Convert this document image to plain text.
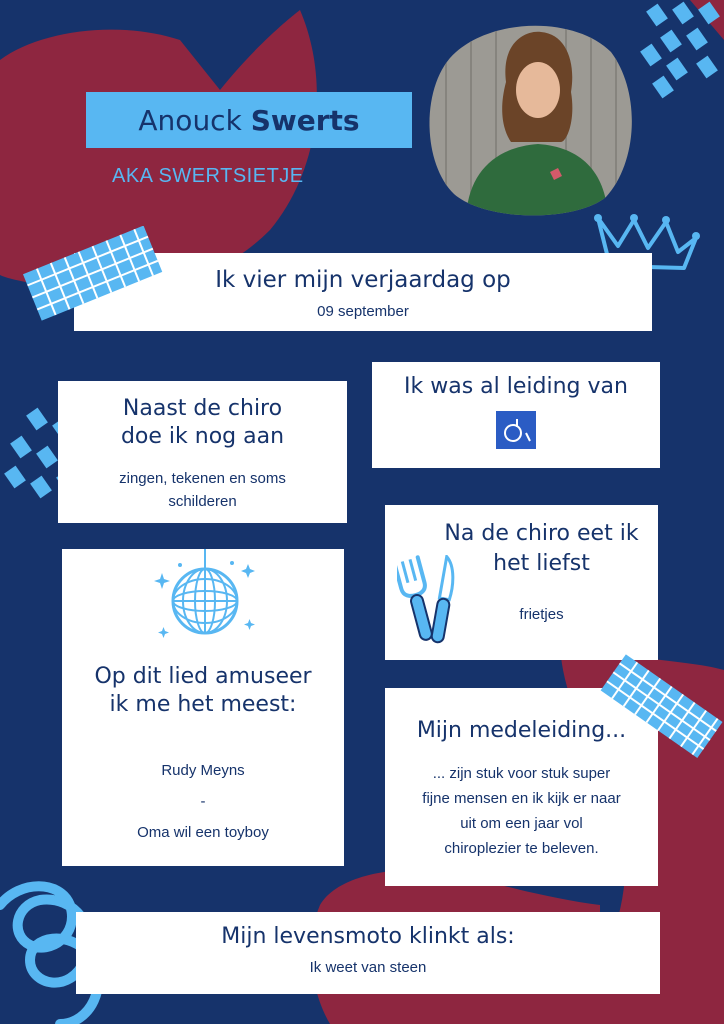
Anouck
Swerts
AKA SWERTSIETJE
Ik vier mijn verjaardag op
09 september
Naast de chiro
doe ik nog aan
zingen, tekenen en soms
schilderen
Ik was al leiding van
Na de chiro eet ik
het liefst
frietjes
Op dit lied amuseer
ik me het meest:
Rudy Meyns
-
Oma wil een toyboy
Mijn medeleiding...
... zijn stuk voor stuk super
fijne mensen en ik kijk er naar
uit om een jaar vol
chiroplezier te beleven.
Mijn levensmoto klinkt als:
Ik weet van steen
